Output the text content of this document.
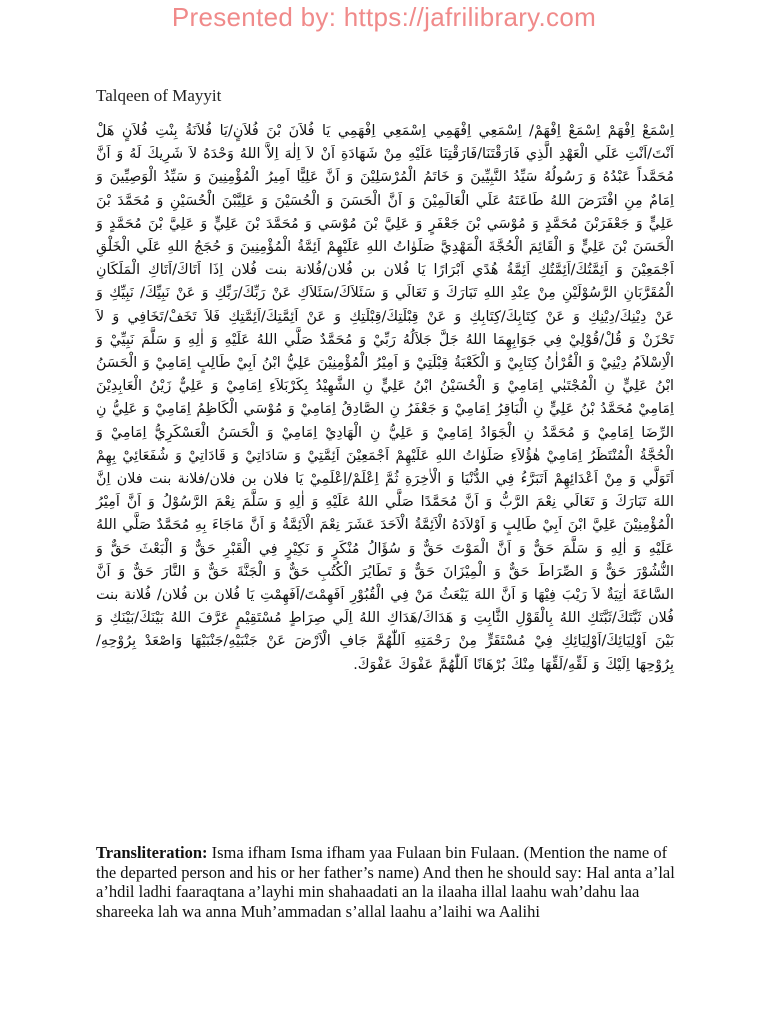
Presented by: https://jafrilibrary.com
Talqeen of Mayyit
اِسْمَعْ اِفْهَمْ اِسْمَعْ اِفْهَمْ/ اِسْمَعِي اِفْهَمِي اِسْمَعِي اِفْهَمِي يَا فُلاَنَ بْنَ فُلاَنٍ/يَا فُلاَنَةُ بِنْتِ فُلاَنٍ هَلْ اَنْتَ/اَنْتِ عَلَي الْعَهْدِ الَّذِي فَارَقْتَنَا/فَارَقْتِنَا عَلَيْهِ مِنْ شَهَادَةِ اَنْ لاَ اِلٰهَ اِلاَّ اللهُ وَحْدَهُ لاَ شَرِيكَ لَهُ وَ اَنَّ مُحَمَّداً عَبْدُهُ وَ رَسُولُهُ سَيِّدُ النَّبِيِّينَ وَ خَاتَمُ الْمُرْسَلِيْنَ وَ اَنَّ عَلِيًّا اَمِيرُ الْمُؤْمِنِينَ وَ سَيِّدُ الْوَصِيِّينَ وَ اِمَامٌ مِنِ افْتَرَضَ اللهُ طَاعَتَهُ عَلَي الْعَالَمِيْنَ وَ اَنَّ الْحَسَنَ وَ الْحُسَيْنَ وَ عَلِيَّبْنَ الْحُسَيْنِ وَ مُحَمَّدَ بْنَ عَلِيٍّ وَ جَعْفَرَبْنَ مُحَمَّدٍ وَ مُوْسَي بْنَ جَعْفَرٍ وَ عَلِيَّ بْنَ مُوْسَي وَ مُحَمَّدَ بْنَ عَلِيٍّ وَ عَلِيَّ بْنَ مُحَمَّدٍ وَ الْحَسَنَ بْنَ عَلِيٍّ وَ الْقَائِمَ الْحُجَّةَ الْمَهْدِيَّ صَلَوٰاتُ اللهِ عَلَيْهِمْ اَئِمَّةُ الْمُؤْمِنِينَ وَ حُجَجُ اللهِ عَلَي الْخَلْقِ اَجْمَعِيْنَ وَ اَئِمَّتُكَ/اَئِمَّتُكِ اَئِمَّةُ هُدًي اَبْرَارًا يَا فُلان بن فُلان/فُلانة بنت فُلان اِذَا اَتَاكَ/اَتَاكِ الْمَلَكَانِ الْمُقَرَّبَانِ الرَّسُوْلَيْنِ مِنْ عِنْدِ اللهِ تَبَارَكَ وَ تَعَالَي وَ سَئَلاَكَ/سَئَلاَكِ عَنْ رَبِّكَ/رَبِّكِ وَ عَنْ نَبِيِّكَ/ نَبِيِّكِ وَ عَنْ دِيْنِكَ/دِيْنِكِ وَ عَنْ كِتَابِكَ/كِتَابِكِ وَ عَنْ قِبْلَتِكَ/قِبْلَتِكِ وَ عَنْ اَئِمَّتِكَ/اَئِمَّتِكِ فَلاَ تَخَفْ/تَخَافِي وَ لاَ تَحْزَنْ وَ قُلْ/قُوْلِيْ فِي جَوَابِهِمَا اللهُ جَلَّ جَلاَلُهُ رَبِّيْ وَ مُحَمَّدٌ صَلَّي اللهُ عَلَيْهِ وَ اٰلِهِ وَ سَلَّمَ نَبِيِّيْ وَ الْاِسْلاَمُ دِيْنِيْ وَ الْقُرْاٰنُ كِتَابِيْ وَ الْكَعْبَةُ قِبْلَتِيْ وَ اَمِيْرُ الْمُؤْمِنِيْنَ عَلِيُّ ابْنُ اَبِيْ طَالِبٍ اِمَامِيْ وَ الْحَسَنُ ابْنُ عَلِيٍّ نِ الْمُجْتَبٰي اِمَامِيْ وَ الْحُسَيْنُ ابْنُ عَلِيٍّ نِ الشَّهِيْدُ بِكَرْبَلاَءِ اِمَامِيْ وَ عَلِيٌّ زَيْنُ الْعَابِدِيْنَ اِمَامِيْ مُحَمَّدُ بْنُ عَلِيٍّ نِ الْبَاقِرُ اِمَامِيْ وَ جَعْفَرُ نِ الصَّادِقُ اِمَامِيْ وَ مُوْسَي الْكَاظِمُ اِمَامِيْ وَ عَلِيُّ نِ الرِّضَا اِمَامِيْ وَ مُحَمَّدُ نِ الْجَوَادُ اِمَامِيْ وَ عَلِيُّ نِ الْهَادِيْ اِمَامِيْ وَ الْحَسَنُ الْعَسْكَرِيُّ اِمَامِيْ وَ الْحُجَّةُ الْمُنْتَظَرُ اِمَامِيْ هٰؤُلاَءِ صَلَوٰاتُ اللهِ عَلَيْهِمْ اَجْمَعِيْنَ اَئِمَّتِيْ وَ سَادَاتِيْ وَ قَادَاتِيْ وَ شُفَعَائِيْ بِهِمْ اَتَوَلَّي وَ مِنْ اَعْدَائِهِمْ اَتَبَرَّءُ فِي الدُّنْيَا وَ الْاٰخِرَةِ ثُمَّ اِعْلَمْ/اِعْلَمِيْ يَا فلان بن فلان/فلانة بنت فلان اِنَّ اللهَ تَبَارَكَ وَ تَعَالَي نِعْمَ الرَّبُّ وَ اَنَّ مُحَمَّدًا صَلَّي اللهُ عَلَيْهِ وَ اٰلِهِ وَ سَلَّمَ نِعْمَ الرَّسُوْلُ وَ اَنَّ اَمِيْرُ الْمُؤْمِنِيْنَ عَلِيَّ ابْنَ اَبِيْ طَالِبٍ وَ اَوْلاَدَهُ الْاَئِمَّةُ الْاَحَدَ عَشَرَ نِعْمَ الْاَئِمَّةُ وَ اَنَّ مَاجَاءَ بِهِ مُحَمَّدٌ صَلَّي اللهُ عَلَيْهِ وَ اٰلِهِ وَ سَلَّمَ حَقٌّ وَ اَنَّ الْمَوْتَ حَقٌّ وَ سُؤَالُ مُنْكَرٍ وَ نَكِيْرٍ فِي الْقَبْرِ حَقٌّ وَ الْبَعْثَ حَقٌّ وَ النُّشُوْرَ حَقٌّ وَ الصِّرَاطَ حَقٌّ وَ الْمِيْزَانَ حَقٌّ وَ تَطَايُرَ الْكُتُبِ حَقٌّ وَ الْجَنَّةَ حَقٌّ وَ النَّارَ حَقٌّ وَ اَنَّ السَّاعَةَ اٰتِيَةٌ لاَ رَيْبَ فِيْهَا وَ اَنَّ اللهَ يَبْعَثُ مَنْ فِي الْقُبُوْرِ اَفَهِمْتَ/اَفَهِمْتِ يَا فُلان بن فُلان/ فُلانة بنت فُلان ثَبَّتَكَ/ثَبَّتَكِ اللهُ بِالْقَوْلِ الثَّابِتِ وَ هَدَاكَ/هَدَاكِ اللهُ اِلَي صِرَاطٍ مُسْتَقِيْمٍ عَرَّفَ اللهُ بَيْنَكَ/بَيْنَكِ وَ بَيْنَ اَوْلِيَائِكَ/اَوْلِيَائِكِ فِيْ مُسْتَقَرٍّ مِنْ رَحْمَتِهِ اَللّٰهُمَّ جَافِ الْاَرْضَ عَنْ جَنْبَيْهِ/جَنْبَيْهَا وَاصْعَدْ بِرُوْحِهِ/بِرُوْحِهَا اِلَيْكَ وَ لَقِّهِ/لَقِّهَا مِنْكَ بُرْهَانًا اَللّٰهُمَّ عَفْوَكَ عَفْوَكَ.
Transliteration: Isma ifham Isma ifham yaa Fulaan bin Fulaan. (Mention the name of the departed person and his or her father’s name) And then he should say: Hal anta a’lal a’hdil ladhi faaraqtana a’layhi min shahaadati an la ilaaha illal laahu wah’dahu laa shareeka lah wa anna Muh’ammadan s’allal laahu a’laihi wa Aalihi
